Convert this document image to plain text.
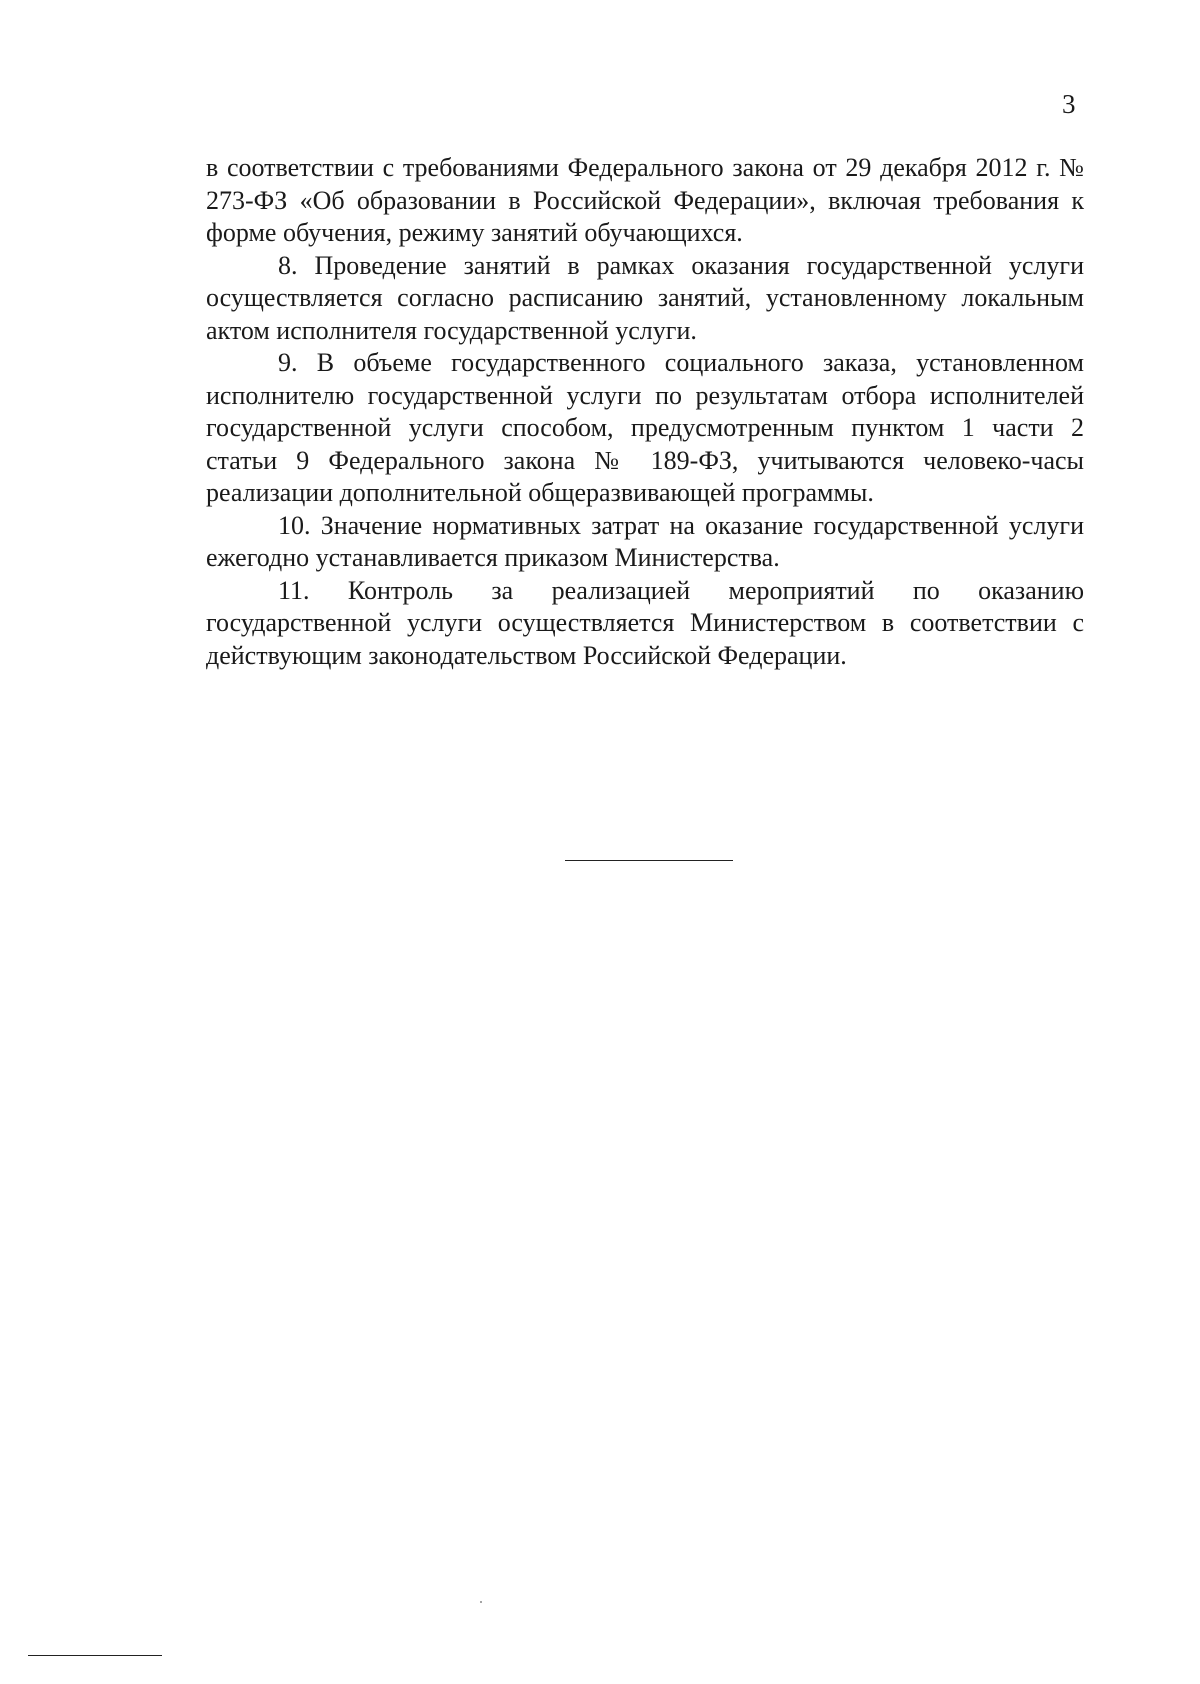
3

в соответствии с требованиями Федерального закона от 29 декабря 2012 г. № 273-ФЗ «Об образовании в Российской Федерации», включая требования к форме обучения, режиму занятий обучающихся.

8. Проведение занятий в рамках оказания государственной услуги осуществляется согласно расписанию занятий, установленному локальным актом исполнителя государственной услуги.

9. В объеме государственного социального заказа, установленном исполнителю государственной услуги по результатам отбора исполнителей государственной услуги способом, предусмотренным пунктом 1 части 2 статьи 9 Федерального закона № 189-ФЗ, учитываются человеко-часы реализации дополнительной общеразвивающей программы.

10. Значение нормативных затрат на оказание государственной услуги ежегодно устанавливается приказом Министерства.

11. Контроль за реализацией мероприятий по оказанию государственной услуги осуществляется Министерством в соответствии с действующим законодательством Российской Федерации.
